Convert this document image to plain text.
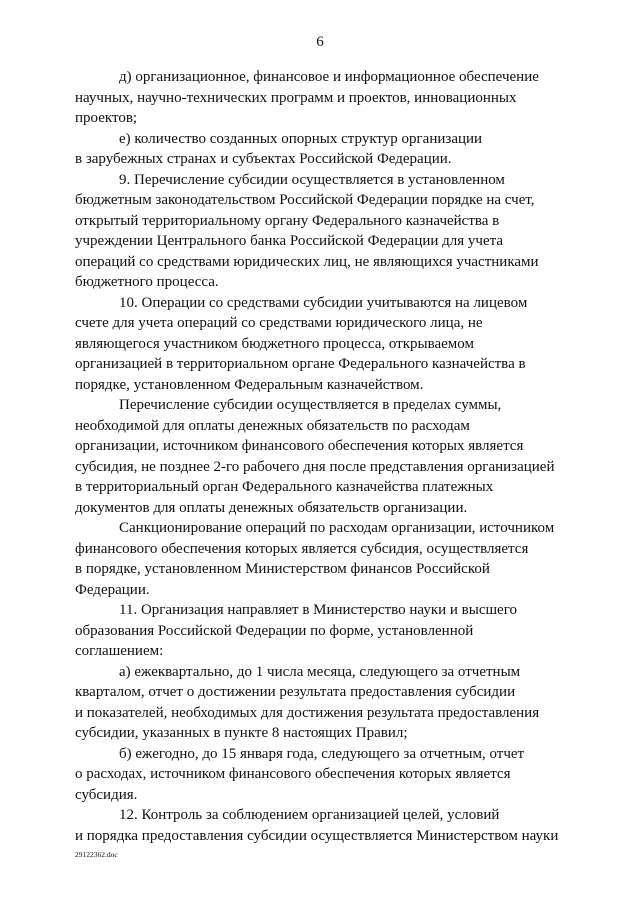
6

д) организационное, финансовое и информационное обеспечение
научных, научно-технических программ и проектов, инновационных
проектов;

е) количество созданных опорных структур организации
в зарубежных странах и субъектах Российской Федерации.

9. Перечисление субсидии осуществляется в установленном
бюджетным законодательством Российской Федерации порядке на счет,
открытый территориальному органу Федерального казначейства в
учреждении Центрального банка Российской Федерации для учета
операций со средствами юридических лиц, не являющихся участниками
бюджетного процесса.

10. Операции со средствами субсидии учитываются на лицевом
счете для учета операций со средствами юридического лица, не
являющегося участником бюджетного процесса, открываемом
организацией в территориальном органе Федерального казначейства в
порядке, установленном Федеральным казначейством.

Перечисление субсидии осуществляется в пределах суммы,
необходимой для оплаты денежных обязательств по расходам
организации, источником финансового обеспечения которых является
субсидия, не позднее 2-го рабочего дня после представления организацией
в территориальный орган Федерального казначейства платежных
документов для оплаты денежных обязательств организации.

Санкционирование операций по расходам организации, источником
финансового обеспечения которых является субсидия, осуществляется
в порядке, установленном Министерством финансов Российской
Федерации.

11. Организация направляет в Министерство науки и высшего
образования Российской Федерации по форме, установленной
соглашением:

а) ежеквартально, до 1 числа месяца, следующего за отчетным
кварталом, отчет о достижении результата предоставления субсидии
и показателей, необходимых для достижения результата предоставления
субсидии, указанных в пункте 8 настоящих Правил;

б) ежегодно, до 15 января года, следующего за отчетным, отчет
о расходах, источником финансового обеспечения которых является
субсидия.

12. Контроль за соблюдением организацией целей, условий
и порядка предоставления субсидии осуществляется Министерством науки

29122362.doc
